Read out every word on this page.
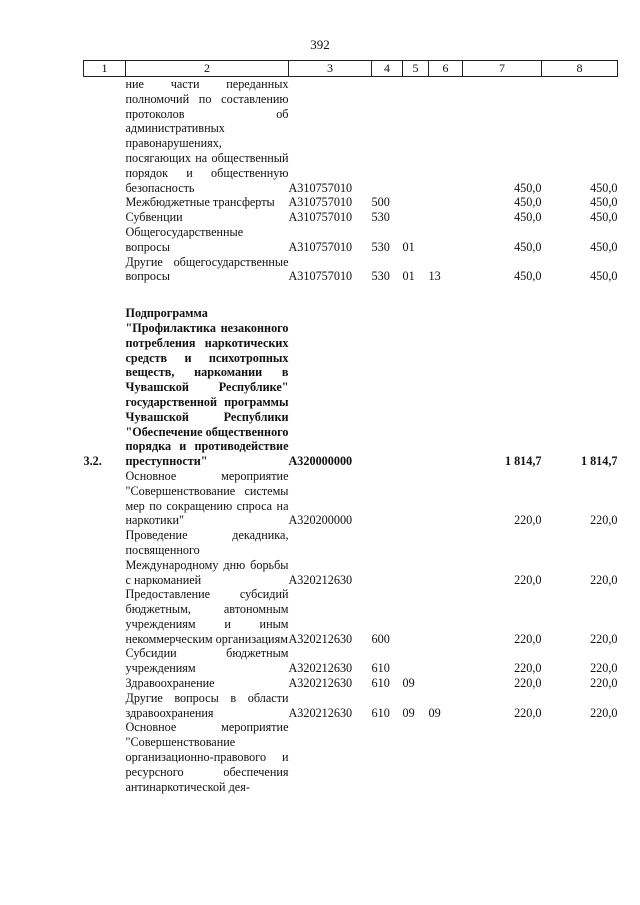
392
1	2	3	4	5	6	7	8
	ние части переданных полномочий по составлению протоколов об административных правонарушениях, посягающих на общественный порядок и общественную безопасность	А310757010				450,0	450,0
	Межбюджетные трансферты	А310757010	500			450,0	450,0
	Субвенции	А310757010	530			450,0	450,0
	Общегосударственные вопросы	А310757010	530	01		450,0	450,0
	Другие общегосударственные вопросы	А310757010	530	01	13	450,0	450,0

3.2.	Подпрограмма "Профилактика незаконного потребления наркотических средств и психотропных веществ, наркомании в Чувашской Республике" государственной программы Чувашской Республики "Обеспечение общественного порядка и противодействие преступности"	А320000000				1 814,7	1 814,7
	Основное мероприятие "Совершенствование системы мер по сокращению спроса на наркотики"	А320200000				220,0	220,0
	Проведение декадника, посвященного Международному дню борьбы с наркоманией	А320212630				220,0	220,0
	Предоставление субсидий бюджетным, автономным учреждениям и иным некоммерческим организациям	А320212630	600			220,0	220,0
	Субсидии бюджетным учреждениям	А320212630	610			220,0	220,0
	Здравоохранение	А320212630	610	09		220,0	220,0
	Другие вопросы в области здравоохранения	А320212630	610	09	09	220,0	220,0
	Основное мероприятие "Совершенствование организационно-правового и ресурсного обеспечения антинаркотической дея-						
